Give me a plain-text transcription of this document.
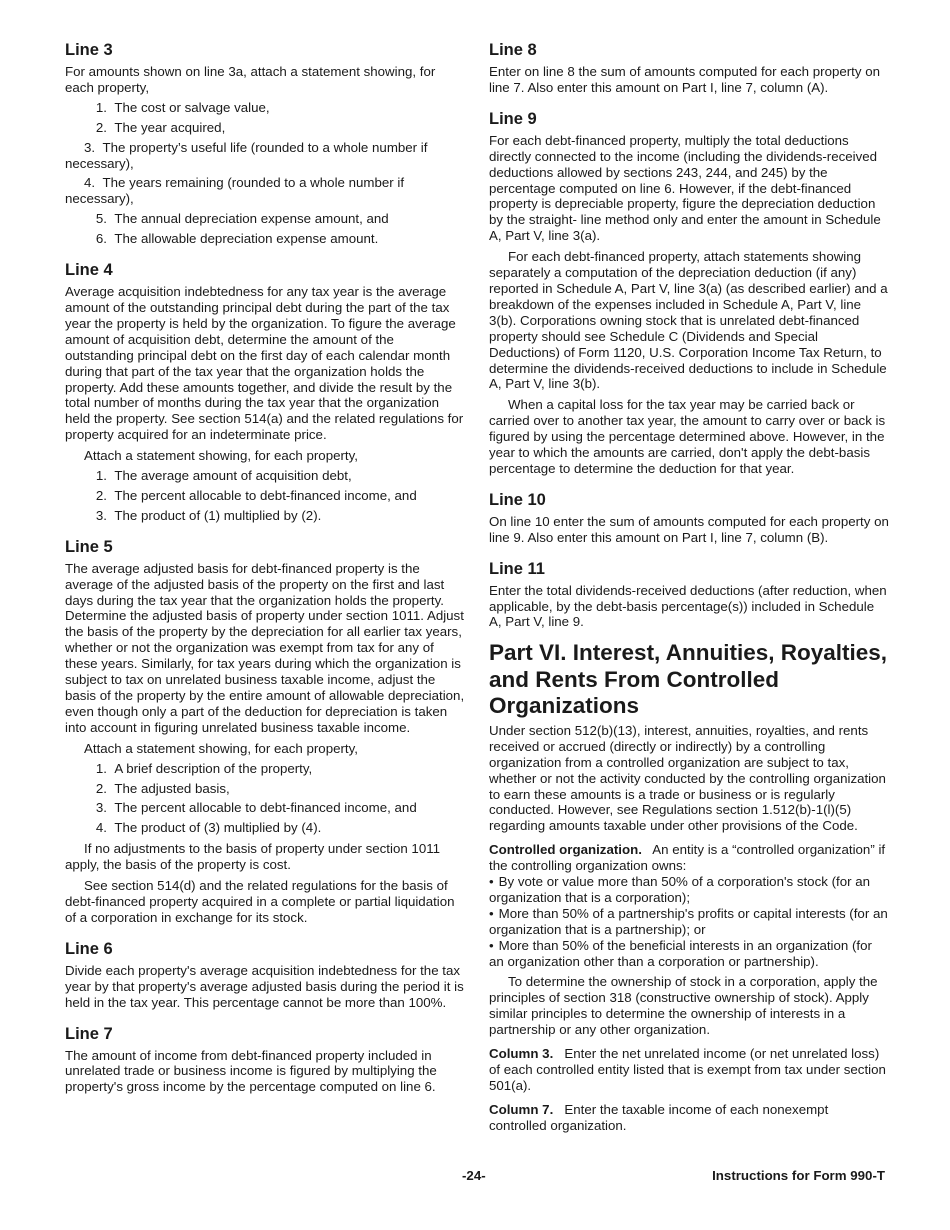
Line 3

For amounts shown on line 3a, attach a statement showing, for each property,

1. The cost or salvage value,

2. The year acquired,

3. The property’s useful life (rounded to a whole number if necessary),

4. The years remaining (rounded to a whole number if necessary),

5. The annual depreciation expense amount, and

6. The allowable depreciation expense amount.

Line 4

Average acquisition indebtedness for any tax year is the average amount of the outstanding principal debt during the part of the tax year the property is held by the organization. To figure the average amount of acquisition debt, determine the amount of the outstanding principal debt on the first day of each calendar month during that part of the tax year that the organization holds the property. Add these amounts together, and divide the result by the total number of months during the tax year that the organization held the property. See section 514(a) and the related regulations for property acquired for an indeterminate price.

Attach a statement showing, for each property,

1. The average amount of acquisition debt,

2. The percent allocable to debt-financed income, and

3. The product of (1) multiplied by (2).

Line 5

The average adjusted basis for debt-financed property is the average of the adjusted basis of the property on the first and last days during the tax year that the organization holds the property. Determine the adjusted basis of property under section 1011. Adjust the basis of the property by the depreciation for all earlier tax years, whether or not the organization was exempt from tax for any of these years. Similarly, for tax years during which the organization is subject to tax on unrelated business taxable income, adjust the basis of the property by the entire amount of allowable depreciation, even though only a part of the deduction for depreciation is taken into account in figuring unrelated business taxable income.

Attach a statement showing, for each property,

1. A brief description of the property,

2. The adjusted basis,

3. The percent allocable to debt-financed income, and

4. The product of (3) multiplied by (4).

If no adjustments to the basis of property under section 1011 apply, the basis of the property is cost.

See section 514(d) and the related regulations for the basis of debt-financed property acquired in a complete or partial liquidation of a corporation in exchange for its stock.

Line 6

Divide each property's average acquisition indebtedness for the tax year by that property's average adjusted basis during the period it is held in the tax year. This percentage cannot be more than 100%.

Line 7

The amount of income from debt-financed property included in unrelated trade or business income is figured by multiplying the property's gross income by the percentage computed on line 6.

Line 8

Enter on line 8 the sum of amounts computed for each property on line 7. Also enter this amount on Part I, line 7, column (A).

Line 9

For each debt-financed property, multiply the total deductions directly connected to the income (including the dividends-received deductions allowed by sections 243, 244, and 245) by the percentage computed on line 6. However, if the debt-financed property is depreciable property, figure the depreciation deduction by the straight- line method only and enter the amount in Schedule A, Part V, line 3(a).

For each debt-financed property, attach statements showing separately a computation of the depreciation deduction (if any) reported in Schedule A, Part V, line 3(a) (as described earlier) and a breakdown of the expenses included in Schedule A, Part V, line 3(b). Corporations owning stock that is unrelated debt-financed property should see Schedule C (Dividends and Special Deductions) of Form 1120, U.S. Corporation Income Tax Return, to determine the dividends-received deductions to include in Schedule A, Part V, line 3(b).

When a capital loss for the tax year may be carried back or carried over to another tax year, the amount to carry over or back is figured by using the percentage determined above. However, in the year to which the amounts are carried, don't apply the debt-basis percentage to determine the deduction for that year.

Line 10

On line 10 enter the sum of amounts computed for each property on line 9. Also enter this amount on Part I, line 7, column (B).

Line 11

Enter the total dividends-received deductions (after reduction, when applicable, by the debt-basis percentage(s)) included in Schedule A, Part V, line 9.

Part VI. Interest, Annuities, Royalties, and Rents From Controlled Organizations

Under section 512(b)(13), interest, annuities, royalties, and rents received or accrued (directly or indirectly) by a controlling organization from a controlled organization are subject to tax, whether or not the activity conducted by the controlling organization to earn these amounts is a trade or business or is regularly conducted. However, see Regulations section 1.512(b)-1(l)(5) regarding amounts taxable under other provisions of the Code.

Controlled organization. An entity is a “controlled organization” if the controlling organization owns:

• By vote or value more than 50% of a corporation's stock (for an organization that is a corporation);

• More than 50% of a partnership's profits or capital interests (for an organization that is a partnership); or

• More than 50% of the beneficial interests in an organization (for an organization other than a corporation or partnership).

To determine the ownership of stock in a corporation, apply the principles of section 318 (constructive ownership of stock). Apply similar principles to determine the ownership of interests in a partnership or any other organization.

Column 3. Enter the net unrelated income (or net unrelated loss) of each controlled entity listed that is exempt from tax under section 501(a).

Column 7. Enter the taxable income of each nonexempt controlled organization.

-24-	Instructions for Form 990-T
